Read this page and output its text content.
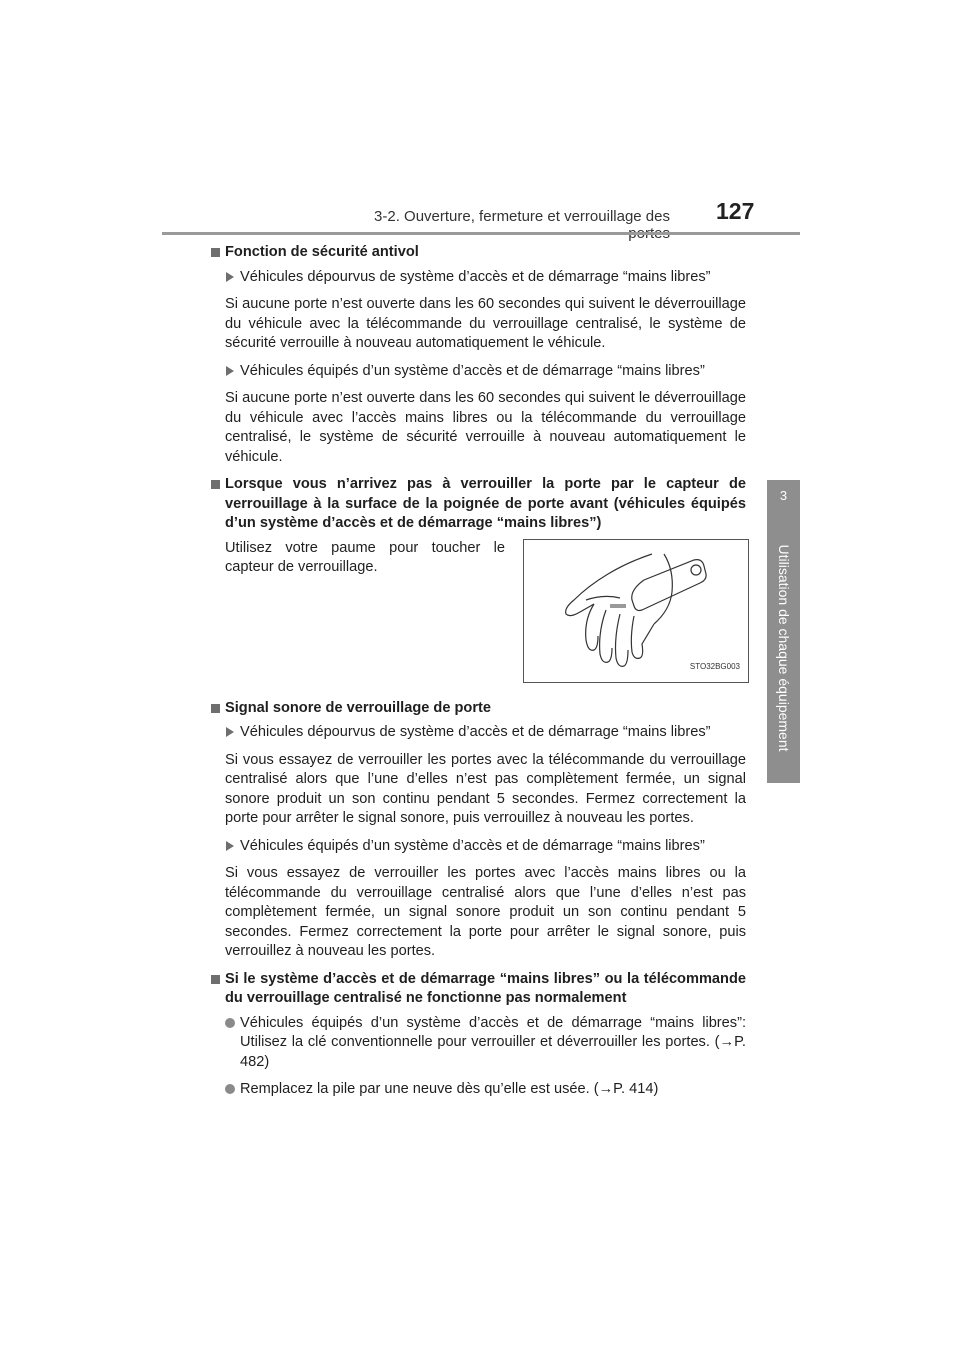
3-2. Ouverture, fermeture et verrouillage des 127
3
Utilisation de chaque équipement
Fonction de sécurité antivol
Véhicules dépourvus de système d’accès et de démarrage “mains libres”
Si aucune porte n’est ouverte dans les 60 secondes qui suivent le déverrouillage du véhicule avec la télécommande du verrouillage centralisé, le système de sécurité verrouille à nouveau automatiquement le véhicule.
Véhicules équipés d’un système d’accès et de démarrage “mains libres”
Si aucune porte n’est ouverte dans les 60 secondes qui suivent le déverrouillage du véhicule avec l’accès mains libres ou la télécommande du verrouillage centralisé, le système de sécurité verrouille à nouveau automatiquement le véhicule.
Lorsque vous n’arrivez pas à verrouiller la porte par le capteur de verrouillage à la surface de la poignée de porte avant (véhicules équipés d’un système d’accès et de démarrage “mains libres”)
Utilisez votre paume pour toucher le capteur de verrouillage.
STO32BG003
Signal sonore de verrouillage de porte
Véhicules dépourvus de système d’accès et de démarrage “mains libres”
Si vous essayez de verrouiller les portes avec la télécommande du verrouillage centralisé alors que l’une d’elles n’est pas complètement fermée, un signal sonore produit un son continu pendant 5 secondes. Fermez correctement la porte pour arrêter le signal sonore, puis verrouillez à nouveau les portes.
Véhicules équipés d’un système d’accès et de démarrage “mains libres”
Si vous essayez de verrouiller les portes avec l’accès mains libres ou la télécommande du verrouillage centralisé alors que l’une d’elles n’est pas complètement fermée, un signal sonore produit un son continu pendant 5 secondes. Fermez correctement la porte pour arrêter le signal sonore, puis verrouillez à nouveau les portes.
Si le système d’accès et de démarrage “mains libres” ou la télécommande du verrouillage centralisé ne fonctionne pas normalement
Véhicules équipés d’un système d’accès et de démarrage “mains libres”: Utilisez la clé conventionnelle pour verrouiller et déverrouiller les portes. (→P. 482)
Remplacez la pile par une neuve dès qu’elle est usée. (→P. 414)
